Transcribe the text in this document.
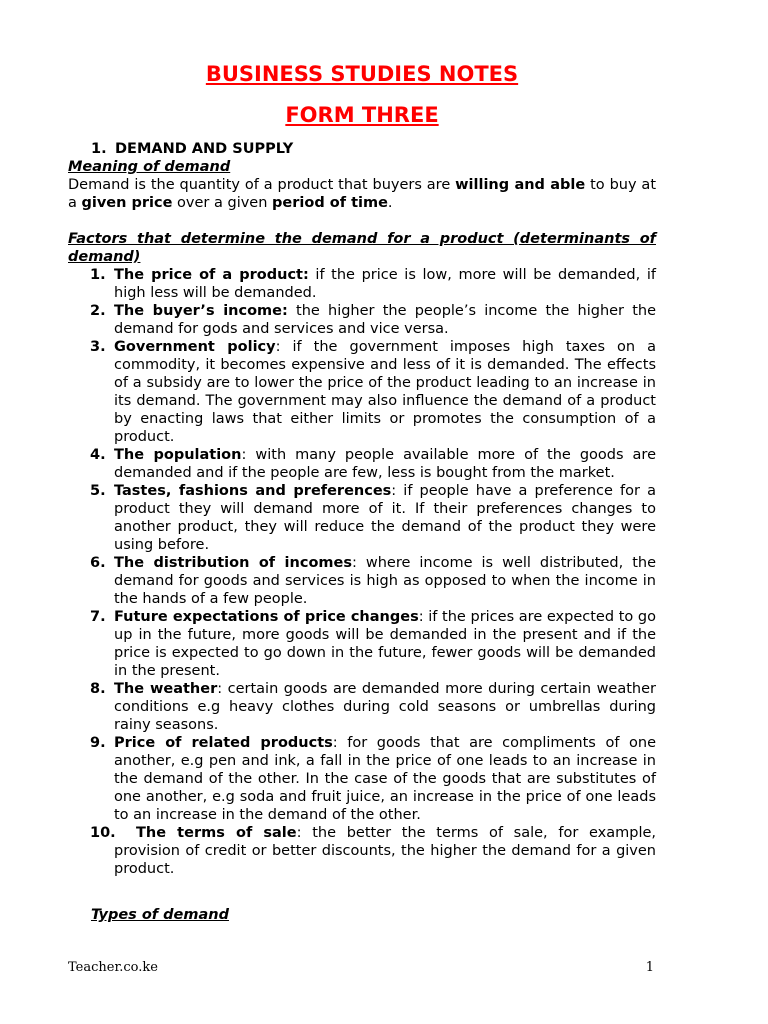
BUSINESS STUDIES NOTES
FORM THREE
1. DEMAND AND SUPPLY
Meaning of demand

Demand is the quantity of a product that buyers are willing and able to buy at a given price over a given period of time.

Factors that determine the demand for a product (determinants of demand)
1. The price of a product: if the price is low, more will be demanded, if high less will be demanded.
2. The buyer’s income: the higher the people’s income the higher the demand for gods and services and vice versa.
3. Government policy: if the government imposes high taxes on a commodity, it becomes expensive and less of it is demanded. The effects of a subsidy are to lower the price of the product leading to an increase in its demand. The government may also influence the demand of a product by enacting laws that either limits or promotes the consumption of a product.
4. The population: with many people available more of the goods are demanded and if the people are few, less is bought from the market.
5. Tastes, fashions and preferences: if people have a preference for a product they will demand more of it. If their preferences changes to another product, they will reduce the demand of the product they were using before.
6. The distribution of incomes: where income is well distributed, the demand for goods and services is high as opposed to when the income in the hands of a few people.
7. Future expectations of price changes: if the prices are expected to go up in the future, more goods will be demanded in the present and if the price is expected to go down in the future, fewer goods will be demanded in the present.
8. The weather: certain goods are demanded more during certain weather conditions e.g heavy clothes during cold seasons or umbrellas during rainy seasons.
9. Price of related products: for goods that are compliments of one another, e.g pen and ink, a fall in the price of one leads to an increase in the demand of the other. In the case of the goods that are substitutes of one another, e.g soda and fruit juice, an increase in the price of one leads to an increase in the demand of the other.
10. The terms of sale: the better the terms of sale, for example, provision of credit or better discounts, the higher the demand for a given product.
Types of demand
Teacher.co.ke	1
